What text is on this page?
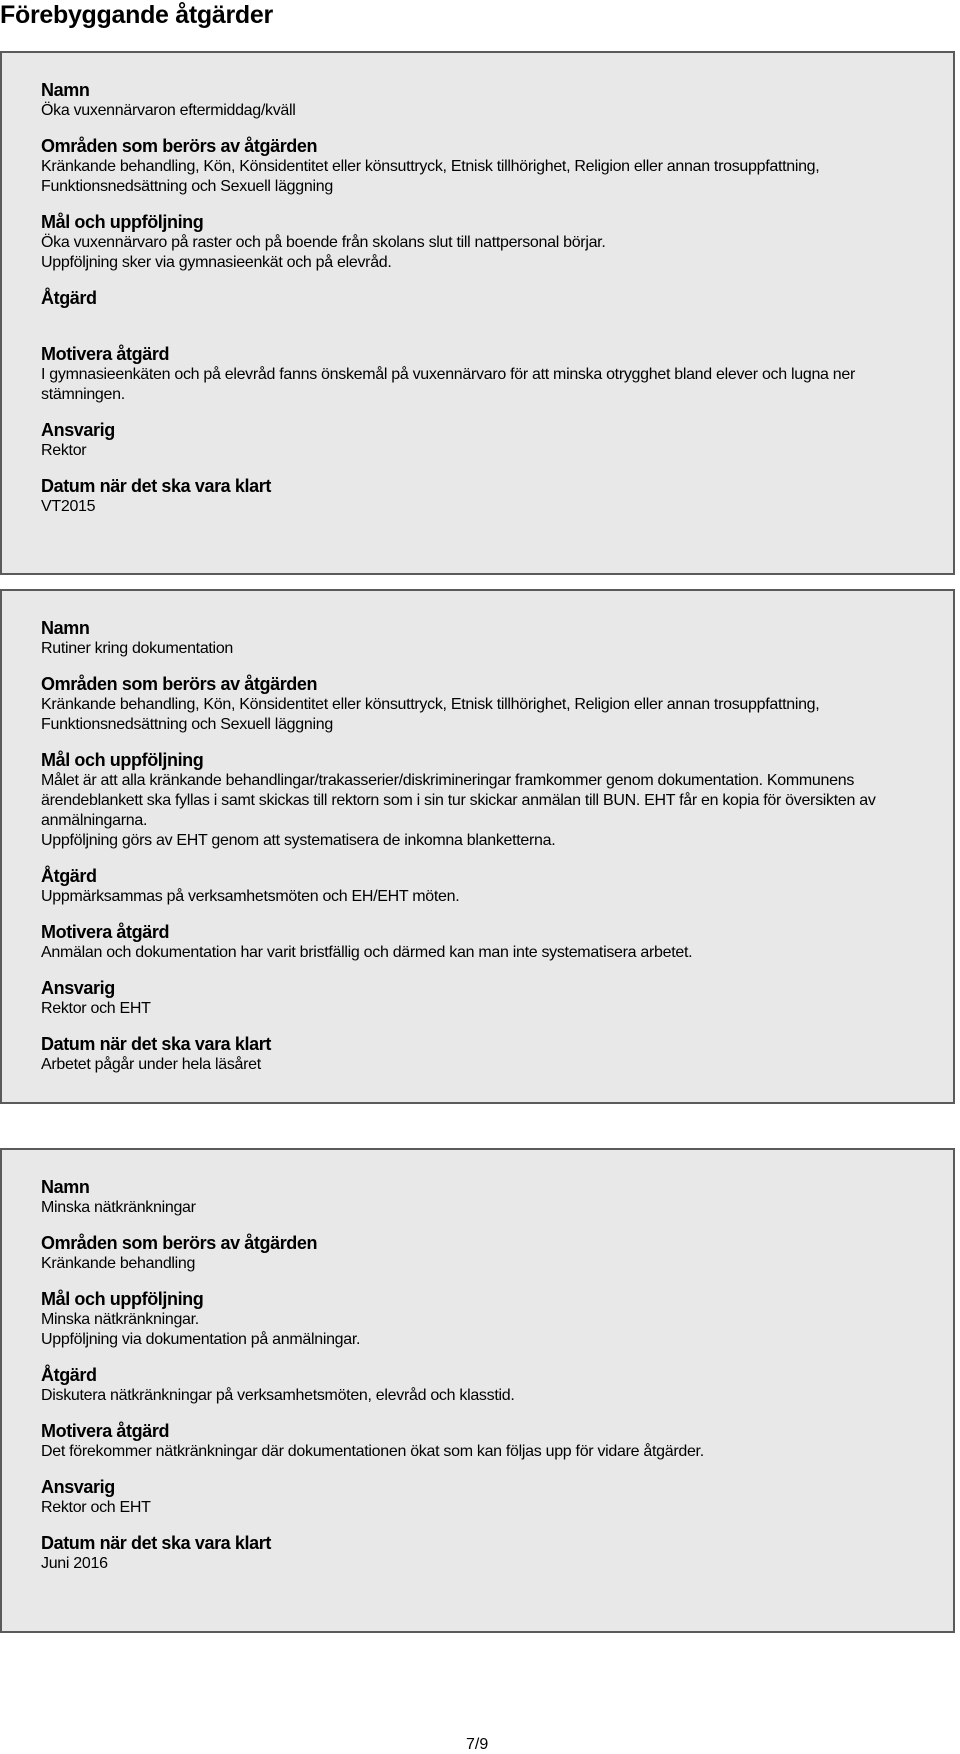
Förebyggande åtgärder
Namn
Öka vuxennärvaron eftermiddag/kväll
Områden som berörs av åtgärden
Kränkande behandling, Kön, Könsidentitet eller könsuttryck, Etnisk tillhörighet, Religion eller annan trosuppfattning, Funktionsnedsättning och Sexuell läggning
Mål och uppföljning
Öka vuxennärvaro på raster och på boende från skolans slut till nattpersonal börjar.
Uppföljning sker via gymnasieenkät och på elevråd.
Åtgärd
Motivera åtgärd
I gymnasieenkäten och på elevråd fanns önskemål på vuxennärvaro för att minska otrygghet bland elever och lugna ner stämningen.
Ansvarig
Rektor
Datum när det ska vara klart
VT2015
Namn
Rutiner kring dokumentation
Områden som berörs av åtgärden
Kränkande behandling, Kön, Könsidentitet eller könsuttryck, Etnisk tillhörighet, Religion eller annan trosuppfattning, Funktionsnedsättning och Sexuell läggning
Mål och uppföljning
Målet är att alla kränkande behandlingar/trakasserier/diskrimineringar framkommer genom dokumentation. Kommunens ärendeblankett ska fyllas i samt skickas till rektorn som i sin tur skickar anmälan till BUN. EHT får en kopia för översikten av anmälningarna.
Uppföljning görs av EHT genom att systematisera de inkomna blanketterna.
Åtgärd
Uppmärksammas på verksamhetsmöten och EH/EHT möten.
Motivera åtgärd
Anmälan och dokumentation har varit bristfällig och därmed kan man inte systematisera arbetet.
Ansvarig
Rektor och EHT
Datum när det ska vara klart
Arbetet pågår under hela läsåret
Namn
Minska nätkränkningar
Områden som berörs av åtgärden
Kränkande behandling
Mål och uppföljning
Minska nätkränkningar.
Uppföljning via dokumentation på anmälningar.
Åtgärd
Diskutera nätkränkningar på verksamhetsmöten, elevråd och klasstid.
Motivera åtgärd
Det förekommer nätkränkningar där dokumentationen ökat som kan följas upp för vidare åtgärder.
Ansvarig
Rektor och EHT
Datum när det ska vara klart
Juni 2016
7/9
